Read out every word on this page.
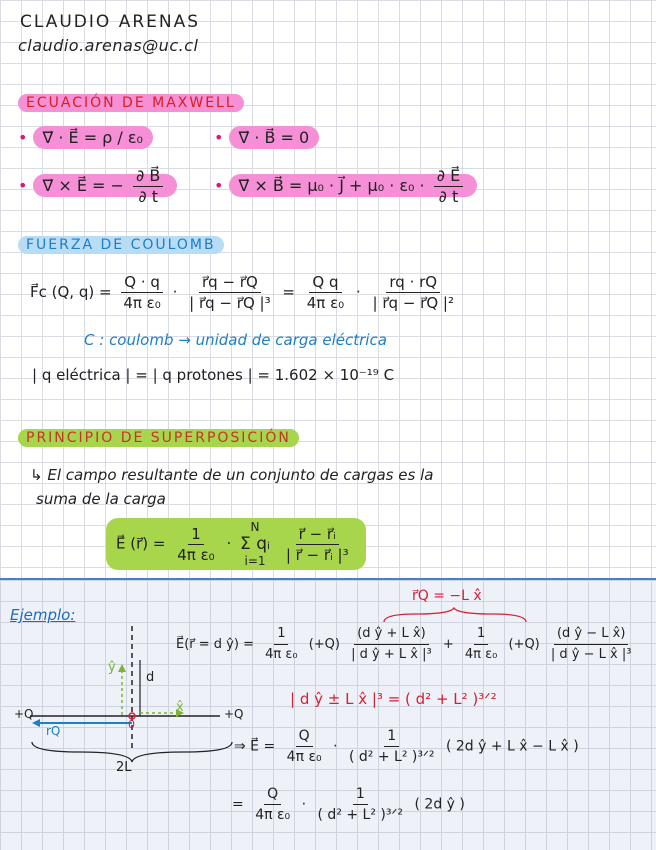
CLAUDIO ARENAS
claudio.arenas@uc.cl
ECUACIÓN DE MAXWELL
• ∇⃗ · E⃗ = ρ / ε₀	• ∇⃗ · B⃗ = 0
• ∇⃗ × E⃗ = − $\frac{\partial B⃗}{\partial t}$	• ∇⃗ × B⃗ = μ₀ · J⃗ + $\mu_0 \cdot \varepsilon_0 \cdot \frac{\partial E⃗}{\partial t}$
FUERZA DE COULOMB
F⃗c (Q, $q) = \frac{Q \cdot q}{\text{4π ε₀}} \cdot \frac{r⃗q - r⃗Q}{\text{| r⃗q − r⃗Q |³}} = \frac{\text{Q q}}{\text{4π ε₀}} \cdot \frac{rq \cdot rQ}{\text{| r⃗q − r⃗Q |²}}$
C : coulomb → unidad de carga eléctrica
| q eléctrica | = | q protones | = 1.602 × 10⁻¹⁹ C
PRINCIPIO DE SUPERPOSICIÓN
↳ El campo resultante de un conjunto de cargas es la
suma de la carga
E⃗ (r⃗) = $\frac{1}{\text{4π ε₀}}$ ·
N
Σ qᵢ
i=1
$\frac{\text{r⃗ − r⃗ᵢ}}{\text{| r⃗ − r⃗ᵢ |³}}$
Ejemplo:
+Q	+Q
ŷ
x̂
d
rQ	0
2L
r⃗Q = −L x̂
E⃗(r⃗ = d ŷ) = $\frac{1}{\text{4π ε₀}} (+Q) \frac{\text{(d ŷ + L x̂)}}{\text{| d ŷ + L x̂ |³}} + \frac{1}{\text{4π ε₀}} (+Q) \frac{\text{(d ŷ − L x̂)}}{\text{| d ŷ − L x̂ |³}}$
| d ŷ ± L x̂ |³ = ( d² + L² )³ᐟ²
⇒ E⃗ = $\frac{Q}{\text{4π ε₀}} \cdot \frac{1}{\text{( d² + L² )³ᐟ²}}$ ( 2d ŷ + L x̂ − L x̂ )
= $\frac{Q}{\text{4π ε₀}} \cdot \frac{1}{\text{( d² + L² )³ᐟ²}}$ ( 2d ŷ )
